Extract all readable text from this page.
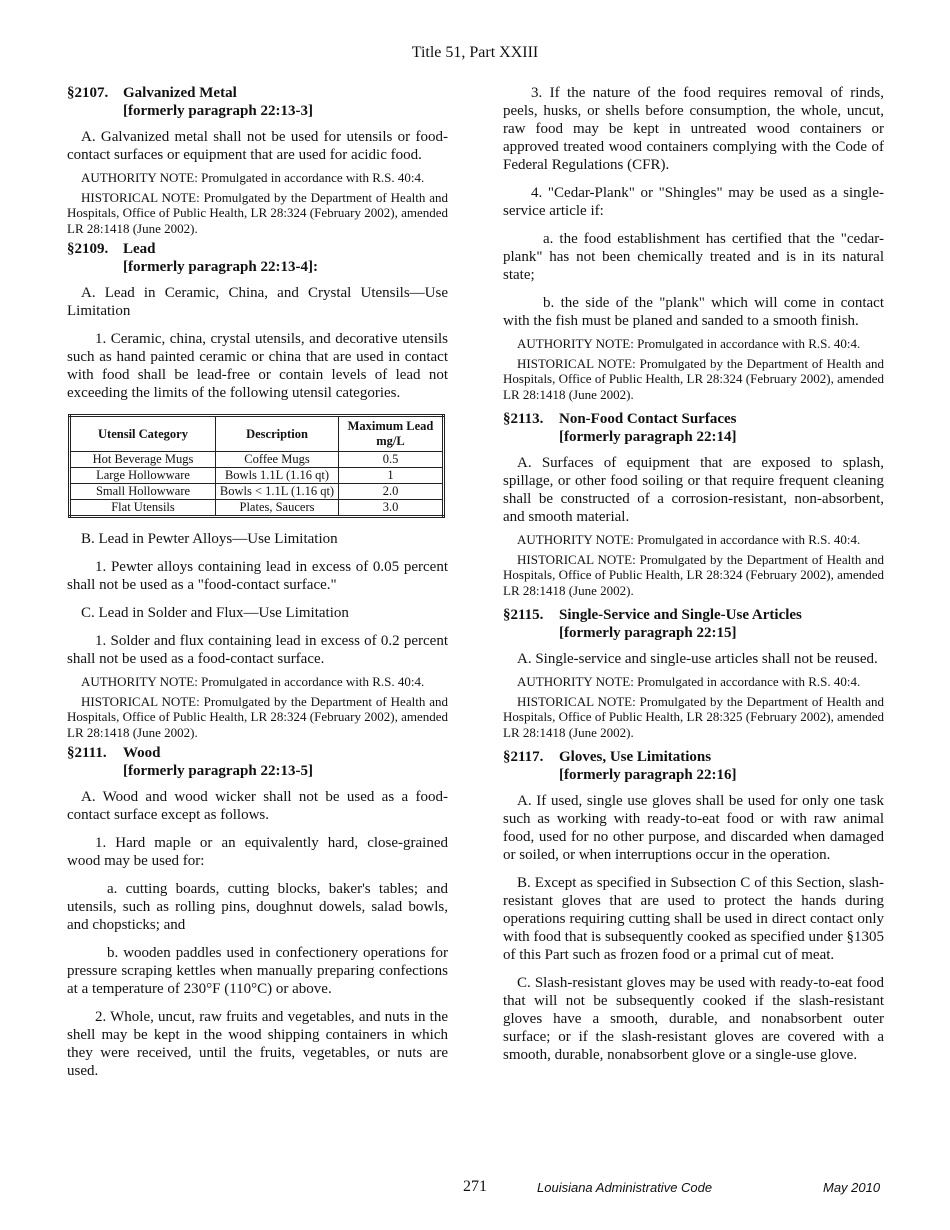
Title 51, Part XXIII
§2107. Galvanized Metal
[formerly paragraph 22:13-3]

A. Galvanized metal shall not be used for utensils or food-contact surfaces or equipment that are used for acidic food.

AUTHORITY NOTE: Promulgated in accordance with R.S. 40:4.

HISTORICAL NOTE: Promulgated by the Department of Health and Hospitals, Office of Public Health, LR 28:324 (February 2002), amended LR 28:1418 (June 2002).

§2109. Lead
[formerly paragraph 22:13-4]:

A. Lead in Ceramic, China, and Crystal Utensils―Use Limitation

1. Ceramic, china, crystal utensils, and decorative utensils such as hand painted ceramic or china that are used in contact with food shall be lead-free or contain levels of lead not exceeding the limits of the following utensil categories.

Utensil Category	Description	Maximum Lead mg/L
Hot Beverage Mugs	Coffee Mugs	0.5
Large Hollowware	Bowls 1.1L (1.16 qt)	1
Small Hollowware	Bowls < 1.1L (1.16 qt)	2.0
Flat Utensils	Plates, Saucers	3.0

B. Lead in Pewter Alloys―Use Limitation

1. Pewter alloys containing lead in excess of 0.05 percent shall not be used as a "food-contact surface."

C. Lead in Solder and Flux―Use Limitation

1. Solder and flux containing lead in excess of 0.2 percent shall not be used as a food-contact surface.

AUTHORITY NOTE: Promulgated in accordance with R.S. 40:4.

HISTORICAL NOTE: Promulgated by the Department of Health and Hospitals, Office of Public Health, LR 28:324 (February 2002), amended LR 28:1418 (June 2002).

§2111. Wood
[formerly paragraph 22:13-5]

A. Wood and wood wicker shall not be used as a food-contact surface except as follows.

1. Hard maple or an equivalently hard, close-grained wood may be used for:

a. cutting boards, cutting blocks, baker's tables; and utensils, such as rolling pins, doughnut dowels, salad bowls, and chopsticks; and

b. wooden paddles used in confectionery operations for pressure scraping kettles when manually preparing confections at a temperature of 230°F (110°C) or above.

2. Whole, uncut, raw fruits and vegetables, and nuts in the shell may be kept in the wood shipping containers in which they were received, until the fruits, vegetables, or nuts are used.

3. If the nature of the food requires removal of rinds, peels, husks, or shells before consumption, the whole, uncut, raw food may be kept in untreated wood containers or approved treated wood containers complying with the Code of Federal Regulations (CFR).

4. "Cedar-Plank" or "Shingles" may be used as a single-service article if:

a. the food establishment has certified that the "cedar-plank" has not been chemically treated and is in its natural state;

b. the side of the "plank" which will come in contact with the fish must be planed and sanded to a smooth finish.

AUTHORITY NOTE: Promulgated in accordance with R.S. 40:4.

HISTORICAL NOTE: Promulgated by the Department of Health and Hospitals, Office of Public Health, LR 28:324 (February 2002), amended LR 28:1418 (June 2002).

§2113. Non-Food Contact Surfaces
[formerly paragraph 22:14]

A. Surfaces of equipment that are exposed to splash, spillage, or other food soiling or that require frequent cleaning shall be constructed of a corrosion-resistant, non-absorbent, and smooth material.

AUTHORITY NOTE: Promulgated in accordance with R.S. 40:4.

HISTORICAL NOTE: Promulgated by the Department of Health and Hospitals, Office of Public Health, LR 28:324 (February 2002), amended LR 28:1418 (June 2002).

§2115. Single-Service and Single-Use Articles
[formerly paragraph 22:15]

A. Single-service and single-use articles shall not be reused.

AUTHORITY NOTE: Promulgated in accordance with R.S. 40:4.

HISTORICAL NOTE: Promulgated by the Department of Health and Hospitals, Office of Public Health, LR 28:325 (February 2002), amended LR 28:1418 (June 2002).

§2117. Gloves, Use Limitations
[formerly paragraph 22:16]

A. If used, single use gloves shall be used for only one task such as working with ready-to-eat food or with raw animal food, used for no other purpose, and discarded when damaged or soiled, or when interruptions occur in the operation.

B. Except as specified in Subsection C of this Section, slash-resistant gloves that are used to protect the hands during operations requiring cutting shall be used in direct contact only with food that is subsequently cooked as specified under §1305 of this Part such as frozen food or a primal cut of meat.

C. Slash-resistant gloves may be used with ready-to-eat food that will not be subsequently cooked if the slash-resistant gloves have a smooth, durable, and nonabsorbent outer surface; or if the slash-resistant gloves are covered with a smooth, durable, nonabsorbent glove or a single-use glove.

271	Louisiana Administrative Code	May 2010
